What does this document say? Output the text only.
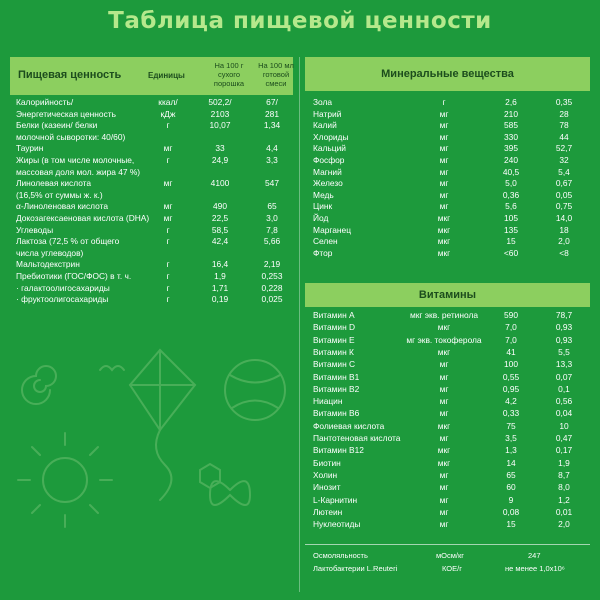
Таблица пищевой ценности
Пищевая ценность	Единицы
На 100 г
сухого
порошка
На 100 мл
готовой
смеси
Минеральные вещества
Витамины
Калорийность/	ккал/	502,2/	67/
Энергетическая ценность	кДж	2103	281
Белки (казеин/ белки	г	10,07	1,34
молочной сыворотки: 40/60)
Таурин	мг	33	4,4
Жиры (в том числе молочные,	г	24,9	3,3
массовая доля мол. жира 47 %)
Линолевая кислота	мг	4100	547
(16,5% от суммы ж. к.)
α-Линоленовая кислота	мг	490	65
Докозагексаеновая кислота (DHA)	мг	22,5	3,0
Углеводы	г	58,5	7,8
Лактоза (72,5 % от общего	г	42,4	5,66
числа углеводов)
Мальтодекстрин	г	16,4	2,19
Пребиотики (ГОС/ФОС) в т. ч.	г	1,9	0,253
· галактоолигосахариды	г	1,71	0,228
· фруктоолигосахариды	г	0,19	0,025
Зола	г	2,6	0,35
Натрий	мг	210	28
Калий	мг	585	78
Хлориды	мг	330	44
Кальций	мг	395	52,7
Фосфор	мг	240	32
Магний	мг	40,5	5,4
Железо	мг	5,0	0,67
Медь	мг	0,36	0,05
Цинк	мг	5,6	0,75
Йод	мкг	105	14,0
Марганец	мкг	135	18
Селен	мкг	15	2,0
Фтор	мкг	<60	<8
Витамин А	мкг экв. ретинола	590	78,7
Витамин D	мкг	7,0	0,93
Витамин Е	мг экв. токоферола	7,0	0,93
Витамин К	мкг	41	5,5
Витамин С	мг	100	13,3
Витамин В1	мг	0,55	0,07
Витамин В2	мг	0,95	0,1
Ниацин	мг	4,2	0,56
Витамин В6	мг	0,33	0,04
Фолиевая кислота	мкг	75	10
Пантотеновая кислота	мг	3,5	0,47
Витамин В12	мкг	1,3	0,17
Биотин	мкг	14	1,9
Холин	мг	65	8,7
Инозит	мг	60	8,0
L-Карнитин	мг	9	1,2
Лютеин	мг	0,08	0,01
Нуклеотиды	мг	15	2,0
Осмоляльность	мОсм/кг	247
Лактобактерии L.Reuteri	КОЕ/г	не менее 1,0х10⁶
